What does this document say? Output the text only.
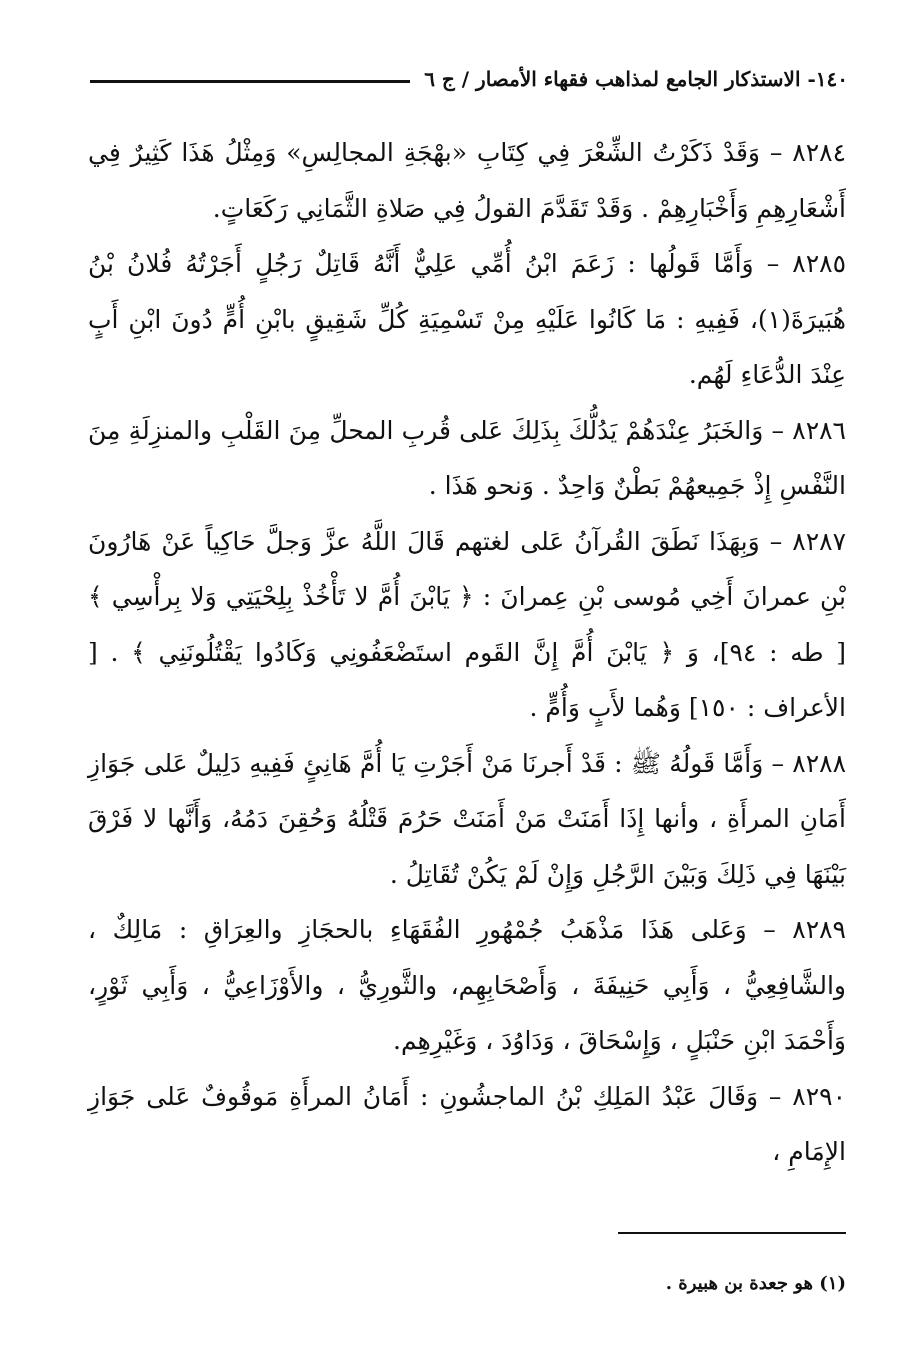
١٤٠- الاستذكار الجامع لمذاهب فقهاء الأمصار / ج ٦

٨٢٨٤ – وَقَدْ ذَكَرْتُ الشِّعْرَ فِي كِتَابِ «بهْجَةِ المجالِسِ» وَمِثْلُ هَذَا كَثِيرٌ فِي أَشْعَارِهِمِ وَأَخْبَارِهِمْ . وَقَدْ تَقَدَّمَ القولُ فِي صَلاةِ الثَّمَانِي رَكَعَاتٍ.

٨٢٨٥ – وَأَمَّا قَولُها : زَعَمَ ابْنُ أُمِّي عَلِيٌّ أَنَّهُ قَاتِلٌ رَجُلٍ أَجَرْتُهُ فُلانُ بْنُ هُبَيرَةَ(١)، فَفِيهِ : مَا كَانُوا عَلَيْهِ مِنْ تَسْمِيَةِ كُلِّ شَقِيقٍ بابْنِ أُمٍّ دُونَ ابْنِ أَبٍ عِنْدَ الدُّعَاءِ لَهُم.

٨٢٨٦ – وَالخَبَرُ عِنْدَهُمْ يَدُلُّكَ بِذَلِكَ عَلى قُربِ المحلِّ مِنَ القَلْبِ والمنزِلَةِ مِنَ النَّفْسِ إِذْ جَمِيعهُمْ بَطْنٌ وَاحِدٌ . وَنحو هَذَا .

٨٢٨٧ – وَبِهَذَا نَطَقَ القُرآنُ عَلى لغتهم قَالَ اللَّهُ عزَّ وَجلَّ حَاكِياً عَنْ هَارُونَ بْنِ عمرانَ أَخِي مُوسى بْنِ عِمرانَ : ﴿ يَابْنَ أُمَّ لا تَأْخُذْ بِلِحْيَتِي وَلا بِرأْسِي ﴾ [ طه : ٩٤]، وَ ﴿ يَابْنَ أُمَّ إِنَّ القَوم استَضْعَفُونِي وَكَادُوا يَقْتُلُونَنِي ﴾ . [ الأعراف : ١٥٠] وَهُما لأَبٍ وَأُمٍّ .

٨٢٨٨ – وَأَمَّا قَولُهُ ﷺ : قَدْ أَجرنَا مَنْ أَجَرْتِ يَا أُمَّ هَانِئٍ فَفِيهِ دَلِيلٌ عَلى جَوَازِ أَمَانِ المرأَةِ ، وأنها إِذَا أَمَنَتْ مَنْ أَمَنَتْ حَرُمَ قَتْلُهُ وَحُقِنَ دَمُهُ، وَأَنَّها لا فَرْقَ بَيْنَهَا فِي ذَلِكَ وَبَيْنَ الرَّجُلِ وَإِنْ لَمْ يَكُنْ تُقَاتِلُ .

٨٢٨٩ – وَعَلى هَذَا مَذْهَبُ جُمْهُورِ الفُقَهَاءِ بالحجَازِ والعِرَاقِ : مَالِكٌ ، والشَّافِعِيُّ ، وَأَبِي حَنِيفَةَ ، وَأَصْحَابِهِم، والثَّورِيُّ ، والأَوْزَاعِيُّ ، وَأَبِي ثَوْرٍ، وَأَحْمَدَ ابْنِ حَنْبَلٍ ، وَإِسْحَاقَ ، وَدَاوُدَ ، وَغَيْرِهِم.

٨٢٩٠ – وَقَالَ عَبْدُ المَلِكِ بْنُ الماجشُونِ : أَمَانُ المرأَةِ مَوقُوفٌ عَلى جَوَازِ الإِمَامِ ،

(١) هو جعدة بن هبيرة .
